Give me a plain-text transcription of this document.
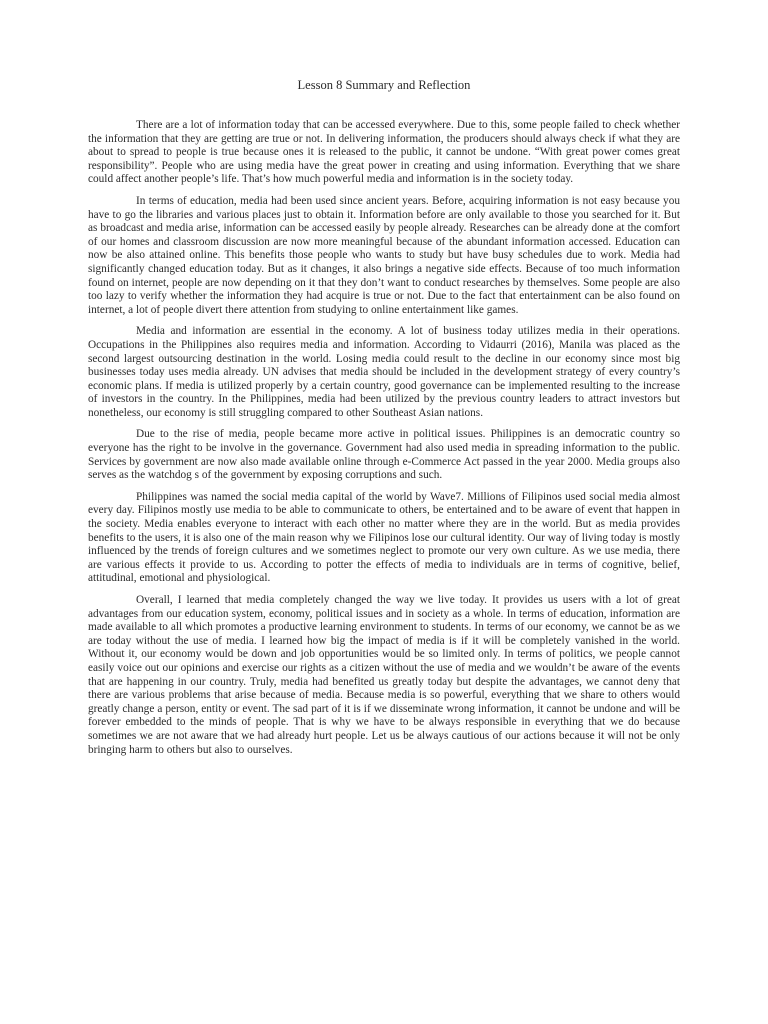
Lesson 8 Summary and Reflection

There are a lot of information today that can be accessed everywhere. Due to this, some people failed to check whether the information that they are getting are true or not. In delivering information, the producers should always check if what they are about to spread to people is true because ones it is released to the public, it cannot be undone. “With great power comes great responsibility”. People who are using media have the great power in creating and using information. Everything that we share could affect another people’s life. That’s how much powerful media and information is in the society today.

In terms of education, media had been used since ancient years. Before, acquiring information is not easy because you have to go the libraries and various places just to obtain it. Information before are only available to those you searched for it. But as broadcast and media arise, information can be accessed easily by people already. Researches can be already done at the comfort of our homes and classroom discussion are now more meaningful because of the abundant information accessed. Education can now be also attained online. This benefits those people who wants to study but have busy schedules due to work. Media had significantly changed education today. But as it changes, it also brings a negative side effects. Because of too much information found on internet, people are now depending on it that they don’t want to conduct researches by themselves. Some people are also too lazy to verify whether the information they had acquire is true or not. Due to the fact that entertainment can be also found on internet, a lot of people divert there attention from studying to online entertainment like games.

Media and information are essential in the economy. A lot of business today utilizes media in their operations. Occupations in the Philippines also requires media and information. According to Vidaurri (2016), Manila was placed as the second largest outsourcing destination in the world. Losing media could result to the decline in our economy since most big businesses today uses media already. UN advises that media should be included in the development strategy of every country’s economic plans. If media is utilized properly by a certain country, good governance can be implemented resulting to the increase of investors in the country. In the Philippines, media had been utilized by the previous country leaders to attract investors but nonetheless, our economy is still struggling compared to other Southeast Asian nations.

Due to the rise of media, people became more active in political issues. Philippines is an democratic country so everyone has the right to be involve in the governance. Government had also used media in spreading information to the public. Services by government are now also made available online through e-Commerce Act passed in the year 2000. Media groups also serves as the watchdog s of the government by exposing corruptions and such.

Philippines was named the social media capital of the world by Wave7. Millions of Filipinos used social media almost every day. Filipinos mostly use media to be able to communicate to others, be entertained and to be aware of event that happen in the society. Media enables everyone to interact with each other no matter where they are in the world. But as media provides benefits to the users, it is also one of the main reason why we Filipinos lose our cultural identity. Our way of living today is mostly influenced by the trends of foreign cultures and we sometimes neglect to promote our very own culture. As we use media, there are various effects it provide to us. According to potter the effects of media to individuals are in terms of cognitive, belief, attitudinal, emotional and physiological.

Overall, I learned that media completely changed the way we live today. It provides us users with a lot of great advantages from our education system, economy, political issues and in society as a whole. In terms of education, information are made available to all which promotes a productive learning environment to students. In terms of our economy, we cannot be as we are today without the use of media. I learned how big the impact of media is if it will be completely vanished in the world. Without it, our economy would be down and job opportunities would be so limited only. In terms of politics, we people cannot easily voice out our opinions and exercise our rights as a citizen without the use of media and we wouldn’t be aware of the events that are happening in our country. Truly, media had benefited us greatly today but despite the advantages, we cannot deny that there are various problems that arise because of media. Because media is so powerful, everything that we share to others would greatly change a person, entity or event. The sad part of it is if we disseminate wrong information, it cannot be undone and will be forever embedded to the minds of people. That is why we have to be always responsible in everything that we do because sometimes we are not aware that we had already hurt people. Let us be always cautious of our actions because it will not be only bringing harm to others but also to ourselves.
